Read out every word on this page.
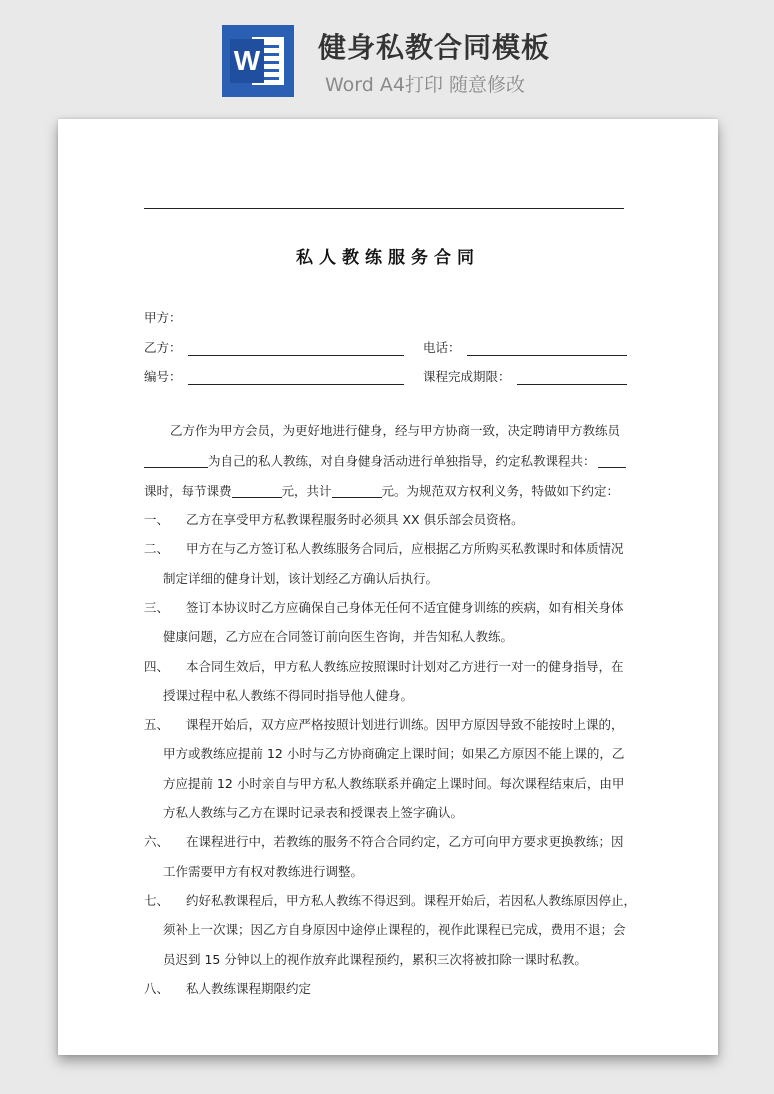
W 健身私教合同模板
Word A4打印 随意修改
私人教练服务合同
甲方：
乙方：	电话：
编号：	课程完成期限：
乙方作为甲方会员，为更好地进行健身，经与甲方协商一致，决定聘请甲方教练员
为自己的私人教练，对自身健身活动进行单独指导，约定私教课程共：
课时，每节课费	元，共计	元。为规范双方权利义务，特做如下约定：
一、 乙方在享受甲方私教课程服务时必须具 XX 俱乐部会员资格。
二、 甲方在与乙方签订私人教练服务合同后，应根据乙方所购买私教课时和体质情况
制定详细的健身计划，该计划经乙方确认后执行。
三、 签订本协议时乙方应确保自己身体无任何不适宜健身训练的疾病，如有相关身体
健康问题，乙方应在合同签订前向医生咨询，并告知私人教练。
四、 本合同生效后，甲方私人教练应按照课时计划对乙方进行一对一的健身指导，在
授课过程中私人教练不得同时指导他人健身。
五、 课程开始后，双方应严格按照计划进行训练。因甲方原因导致不能按时上课的，
甲方或教练应提前 12 小时与乙方协商确定上课时间；如果乙方原因不能上课的，乙
方应提前 12 小时亲自与甲方私人教练联系并确定上课时间。每次课程结束后，由甲
方私人教练与乙方在课时记录表和授课表上签字确认。
六、 在课程进行中，若教练的服务不符合合同约定，乙方可向甲方要求更换教练；因
工作需要甲方有权对教练进行调整。
七、 约好私教课程后，甲方私人教练不得迟到。课程开始后，若因私人教练原因停止，
须补上一次课；因乙方自身原因中途停止课程的，视作此课程已完成，费用不退；会
员迟到 15 分钟以上的视作放弃此课程预约，累积三次将被扣除一课时私教。
八、 私人教练课程期限约定
